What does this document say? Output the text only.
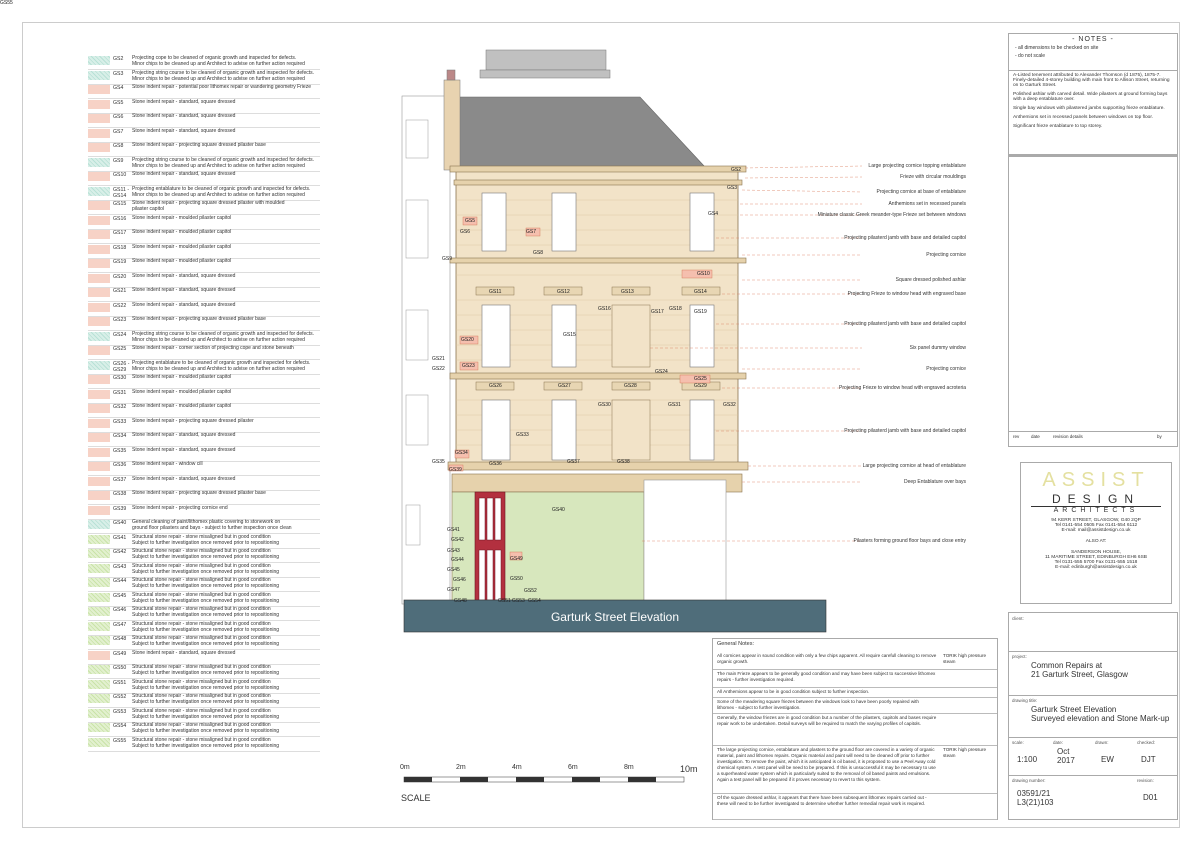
GS2	Projecting cope to be cleaned of organic growth and inspected for defects.
Minor chips to be cleaned up and Architect to advise on further action required
GS3	Projecting string course to be cleaned of organic growth and inspected for defects.
Minor chips to be cleaned up and Architect to advise on further action required
GS4	Stone indent repair - potential poor lithomex repair or wandering geometry Frieze
GS5	Stone indent repair - standard, square dressed
GS6	Stone indent repair - standard, square dressed
GS7	Stone indent repair - standard, square dressed
GS8	Stone indent repair - projecting square dressed pilaster base
GS9	Projecting string course to be cleaned of organic growth and inspected for defects.
Minor chips to be cleaned up and Architect to advise on further action required
GS10	Stone indent repair - standard, square dressed
GS11 - GS14
Projecting entablature to be cleaned of organic growth and inspected for defects.
Minor chips to be cleaned up and Architect to advise on further action required
GS15	Stone indent repair - projecting square dressed pilaster with moulded
pilaster capitol
GS16	Stone indent repair - moulded pilaster capitol
GS17	Stone indent repair - moulded pilaster capitol
GS18	Stone indent repair - moulded pilaster capitol
GS19	Stone indent repair - moulded pilaster capitol
GS20	Stone indent repair - standard, square dressed
GS21	Stone indent repair - standard, square dressed
GS22	Stone indent repair - standard, square dressed
GS23	Stone indent repair - projecting square dressed pilaster base
GS24	Projecting string course to be cleaned of organic growth and inspected for defects.
Minor chips to be cleaned up and Architect to advise on further action required
GS25	Stone indent repair - corner section of projecting cope and stone beneath
GS26 - GS29
Projecting entablature to be cleaned of organic growth and inspected for defects.
Minor chips to be cleaned up and Architect to advise on further action required
GS30	Stone indent repair - moulded pilaster capitol
GS31	Stone indent repair - moulded pilaster capitol
GS32	Stone indent repair - moulded pilaster capitol
GS33	Stone indent repair - projecting square dressed pilaster
GS34	Stone indent repair - standard, square dressed
GS35	Stone indent repair - standard, square dressed
GS36	Stone indent repair - window cill
GS37	Stone indent repair - standard, square dressed
GS38	Stone indent repair - projecting square dressed pilaster base
GS39	Stone indent repair - projecting cornice end
GS40	General cleaning of paint/lithomex plastic covering to stonework on
ground floor pilasters and bays - subject to further inspection once clean
GS41	Structural stone repair - stone misaligned but in good condition
Subject to further investigation once removed prior to repositioning
GS42	Structural stone repair - stone misaligned but in good condition
Subject to further investigation once removed prior to repositioning
GS43	Structural stone repair - stone misaligned but in good condition
Subject to further investigation once removed prior to repositioning
GS44	Structural stone repair - stone misaligned but in good condition
Subject to further investigation once removed prior to repositioning
GS45	Structural stone repair - stone misaligned but in good condition
Subject to further investigation once removed prior to repositioning
GS46	Structural stone repair - stone misaligned but in good condition
Subject to further investigation once removed prior to repositioning
GS47	Structural stone repair - stone misaligned but in good condition
Subject to further investigation once removed prior to repositioning
GS48	Structural stone repair - stone misaligned but in good condition
Subject to further investigation once removed prior to repositioning
GS49	Stone indent repair - standard, square dressed
GS50	Structural stone repair - stone misaligned but in good condition
Subject to further investigation once removed prior to repositioning
GS51	Structural stone repair - stone misaligned but in good condition
Subject to further investigation once removed prior to repositioning
GS52	Structural stone repair - stone misaligned but in good condition
Subject to further investigation once removed prior to repositioning
GS53	Structural stone repair - stone misaligned but in good condition
Subject to further investigation once removed prior to repositioning
GS54	Structural stone repair - stone misaligned but in good condition
Subject to further investigation once removed prior to repositioning
GS55	Structural stone repair - stone misaligned but in good condition
Subject to further investigation once removed prior to repositioning
Large projecting cornice topping entablature
Frieze with circular mouldings
Projecting cornice at base of entablature
Anthemions set in recessed panels
Miniature classic Greek meander-type Frieze set between windows
Projecting pilasterd jamb with base and detailed capitol
Projecting cornice
Square dressed polished ashlar
Projecting Frieze to window head with engraved base
Projecting pilasterd jamb with base and detailed capitol
Six panel dummy window
Projecting cornice
Projecting Frieze to window head with engraved acroteria
Projecting pilasterd jamb with base and detailed capitol
Large projecting cornice at head of entablature
Deep Entablature over bays
Pilasters forming ground floor bays and close entry
GS2
GS3
GS4
GS5
GS6	GS7
GS8
GS9
GS10
GS11	GS12	GS13	GS14
GS15
GS16	GS17 GS18 GS19
GS20
GS21
GS22	GS23
GS24
GS25
GS26	GS27	GS28	GS29
GS30	GS31	GS32
GS33
GS34
GS35	GS36	GS37	GS38
GS39
GS40
GS41
GS42
GS43
GS44
GS45
GS46
GS47
GS48
GS49
GS50
GS51
GS52
GS53 GS54
GS55
Garturk Street Elevation
0m	2m	4m	6m	8m	10m
SCALE
- NOTES -

- all dimensions to be checked on site

- do not scale

A-Listed tenement attributed to Alexander Thomson (d 1875), 1875-7. Finely-detailed 4-storey building with main front to Allison Street, returning on to Garturk Street.

Polished ashlar with carved detail. Wide pilasters at ground forming bays with a deep entablature over.

Single bay windows with pilastered jambs supporting frieze entablature.

Anthemions set in recessed panels between windows on top floor.

Significant frieze entablature to top storey.

rev	date	revision details	by
ASSIST
DESIGN
ARCHITECTS
94 KERR STREET, GLASGOW, G40 2QP
Tel 0141-554 0505 Fax 0141-554 6112
E-mail: mail@assistdesign.co.uk
ALSO AT:
SANDERSON HOUSE,
11 MARITIME STREET, EDINBURGH EH6 6SB
Tel 0131-555 5700 Fax 0131-555 1518
E-mail: edinburgh@assistdesign.co.uk
client:
project:
Common Repairs at
21 Garturk Street, Glasgow
drawing title:
Garturk Street Elevation
Surveyed elevation and Stone Mark-up
scale:
1:100
date:
Oct
2017
drawn:
EW
checked:
DJT
drawing number:
03591/21
L3(21)103
revision:
D01
General Notes:
All cornices appear in sound condition with only a few chips apparent. All require carefull cleaning to remove organic growth.
TORIK high pressure steam
The main Frieze appears to be generally good condition and may have been subject to successive lithomex repairs - further investigation required.
All Anthemions appear to be in good condition subject to further inspection.
Some of the meadering square friezes between the windows look to have been poorly repaired with lithomex - subject to further investigation.
Generally, the window friezes are in good condition but a number of the pilasters, capitols and bases require repair work to be undertaken. Detail surveys will be required to match the varying profiles of capitols.
The large projecting cornice, entablature and plasters to the ground floor are covered in a variety of organic material, paint and lithomex repairs. Organic material and paint will need to be cleaned off prior to further investigation. To remove the paint, which it is anticipated is oil based, it is proposed to use a Peel Away cold chemical system. A test panel will be need to be prepared. If this is unsuccessful it may be necessary to use a superheated water system which is particularly suited to the removal of oil based paints and emulsions. Again a test panel will be prepared if it proves necessary to revert to this system.
TORIK high pressure steam
Of the square dressed ashlar, it appears that there have been subsequent lithomex repairs carried out - these will need to be further investigated to determine whether further remedial repair work is required.
